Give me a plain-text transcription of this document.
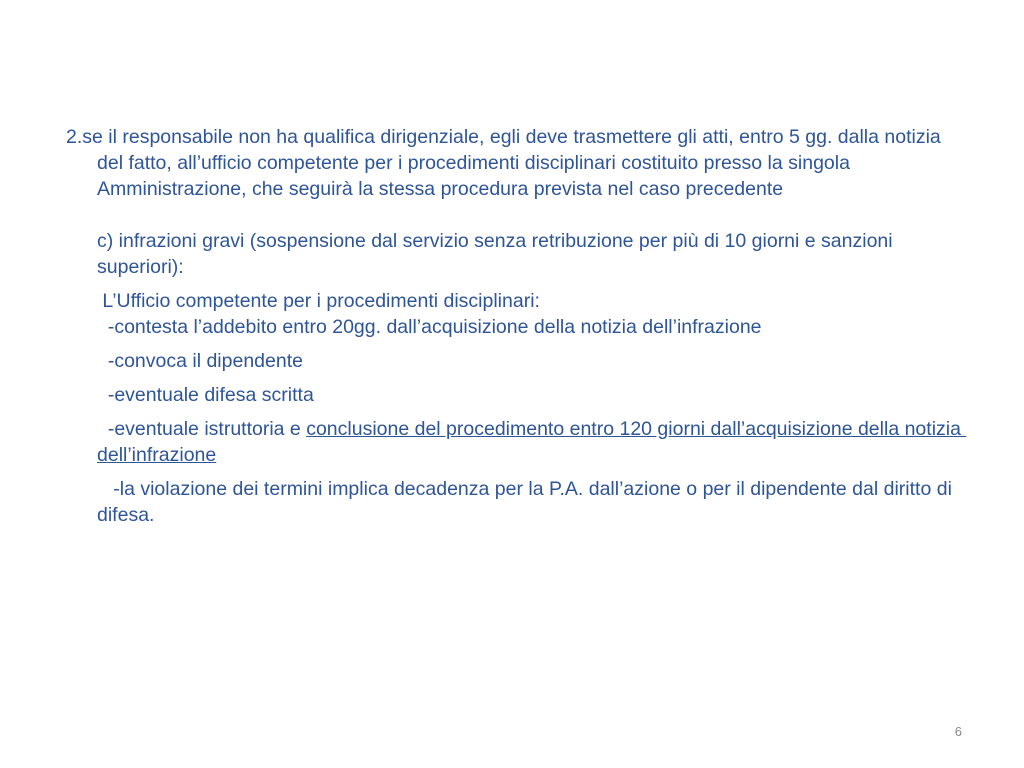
2.se il responsabile non ha qualifica dirigenziale, egli deve trasmettere gli atti, entro 5 gg. dalla notizia del fatto, all’ufficio competente per i procedimenti disciplinari costituito presso la singola Amministrazione, che seguirà la stessa procedura prevista nel caso precedente

c) infrazioni gravi (sospensione dal servizio senza retribuzione per più di 10 giorni e sanzioni superiori):

L’Ufficio competente per i procedimenti disciplinari:

-contesta l’addebito entro 20gg. dall’acquisizione della notizia dell’infrazione

-convoca il dipendente

-eventuale difesa scritta

-eventuale istruttoria e conclusione del procedimento entro 120 giorni dall’acquisizione della notizia dell’infrazione

-la violazione dei termini implica decadenza per la P.A. dall’azione o per il dipendente dal diritto di difesa.

6
